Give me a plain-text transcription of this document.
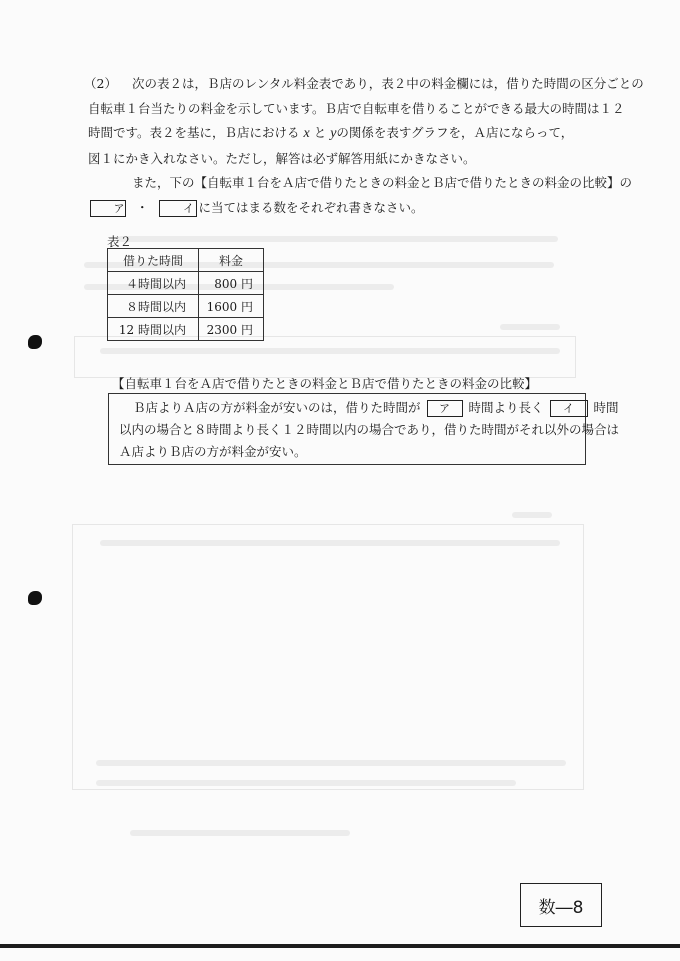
（2）	次の表２は，Ｂ店のレンタル料金表であり，表２中の料金欄には，借りた時間の区分ごとの
自転車１台当たりの料金を示しています。Ｂ店で自転車を借りることができる最大の時間は１２
時間です。表２を基に，Ｂ店における x と yの関係を表すグラフを，Ａ店にならって，
図１にかき入れなさい。ただし，解答は必ず解答用紙にかきなさい。

また，下の【自転車１台をＡ店で借りたときの料金とＢ店で借りたときの料金の比較】の
ア ・	イ に当てはまる数をそれぞれ書きなさい。

表２
借りた時間	料金
４時間以内	800 円
８時間以内	1600 円
12 時間以内	2300 円
【自転車１台をＡ店で借りたときの料金とＢ店で借りたときの料金の比較】
Ｂ店よりＡ店の方が料金が安いのは，借りた時間が ア 時間より長く イ 時間
以内の場合と８時間より長く１２時間以内の場合であり，借りた時間がそれ以外の場合は
Ａ店よりＢ店の方が料金が安い。
数―8
